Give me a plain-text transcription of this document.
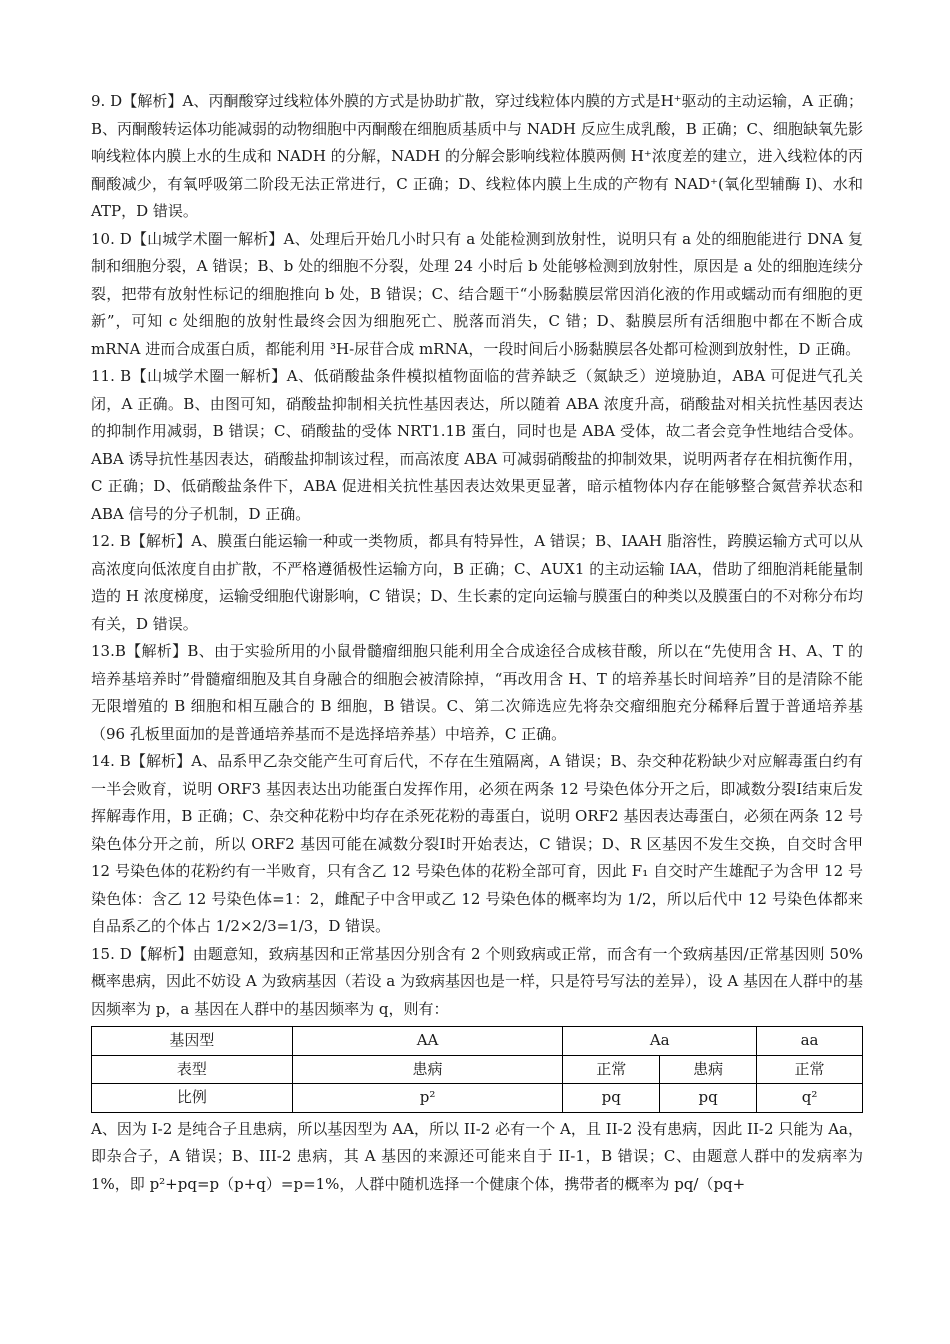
9. D【解析】A、丙酮酸穿过线粒体外膜的方式是协助扩散，穿过线粒体内膜的方式是H⁺驱动的主动运输，A 正确；B、丙酮酸转运体功能减弱的动物细胞中丙酮酸在细胞质基质中与 NADH 反应生成乳酸，B 正确；C、细胞缺氧先影响线粒体内膜上水的生成和 NADH 的分解，NADH 的分解会影响线粒体膜两侧 H⁺浓度差的建立，进入线粒体的丙酮酸减少，有氧呼吸第二阶段无法正常进行，C 正确；D、线粒体内膜上生成的产物有 NAD⁺(氧化型辅酶 I)、水和 ATP，D 错误。

10. D【山城学术圈一解析】A、处理后开始几小时只有 a 处能检测到放射性，说明只有 a 处的细胞能进行 DNA 复制和细胞分裂，A 错误；B、b 处的细胞不分裂，处理 24 小时后 b 处能够检测到放射性，原因是 a 处的细胞连续分裂，把带有放射性标记的细胞推向 b 处，B 错误；C、结合题干“小肠黏膜层常因消化液的作用或蠕动而有细胞的更新”，可知 c 处细胞的放射性最终会因为细胞死亡、脱落而消失，C 错；D、黏膜层所有活细胞中都在不断合成 mRNA 进而合成蛋白质，都能利用 ³H-尿苷合成 mRNA，一段时间后小肠黏膜层各处都可检测到放射性，D 正确。

11. B【山城学术圈一解析】A、低硝酸盐条件模拟植物面临的营养缺乏（氮缺乏）逆境胁迫，ABA 可促进气孔关闭，A 正确。B、由图可知，硝酸盐抑制相关抗性基因表达，所以随着 ABA 浓度升高，硝酸盐对相关抗性基因表达的抑制作用减弱，B 错误；C、硝酸盐的受体 NRT1.1B 蛋白，同时也是 ABA 受体，故二者会竞争性地结合受体。ABA 诱导抗性基因表达，硝酸盐抑制该过程，而高浓度 ABA 可减弱硝酸盐的抑制效果，说明两者存在相抗衡作用，C 正确；D、低硝酸盐条件下，ABA 促进相关抗性基因表达效果更显著，暗示植物体内存在能够整合氮营养状态和 ABA 信号的分子机制，D 正确。

12. B【解析】A、膜蛋白能运输一种或一类物质，都具有特异性，A 错误；B、IAAH 脂溶性，跨膜运输方式可以从高浓度向低浓度自由扩散，不严格遵循极性运输方向，B 正确；C、AUX1 的主动运输 IAA，借助了细胞消耗能量制造的 H 浓度梯度，运输受细胞代谢影响，C 错误；D、生长素的定向运输与膜蛋白的种类以及膜蛋白的不对称分布均有关，D 错误。

13.B【解析】B、由于实验所用的小鼠骨髓瘤细胞只能利用全合成途径合成核苷酸，所以在“先使用含 H、A、T 的培养基培养时”骨髓瘤细胞及其自身融合的细胞会被清除掉，“再改用含 H、T 的培养基长时间培养”目的是清除不能无限增殖的 B 细胞和相互融合的 B 细胞，B 错误。C、第二次筛选应先将杂交瘤细胞充分稀释后置于普通培养基（96 孔板里面加的是普通培养基而不是选择培养基）中培养，C 正确。

14. B【解析】A、品系甲乙杂交能产生可育后代，不存在生殖隔离，A 错误；B、杂交种花粉缺少对应解毒蛋白约有一半会败育，说明 ORF3 基因表达出功能蛋白发挥作用，必须在两条 12 号染色体分开之后，即减数分裂Ⅰ结束后发挥解毒作用，B 正确；C、杂交种花粉中均存在杀死花粉的毒蛋白，说明 ORF2 基因表达毒蛋白，必须在两条 12 号染色体分开之前，所以 ORF2 基因可能在减数分裂Ⅰ时开始表达，C 错误；D、R 区基因不发生交换，自交时含甲 12 号染色体的花粉约有一半败育，只有含乙 12 号染色体的花粉全部可育，因此 F₁ 自交时产生雄配子为含甲 12 号染色体：含乙 12 号染色体=1：2，雌配子中含甲或乙 12 号染色体的概率均为 1/2，所以后代中 12 号染色体都来自品系乙的个体占 1/2×2/3=1/3，D 错误。

15. D【解析】由题意知，致病基因和正常基因分别含有 2 个则致病或正常，而含有一个致病基因/正常基因则 50%概率患病，因此不妨设 A 为致病基因（若设 a 为致病基因也是一样，只是符号写法的差异），设 A 基因在人群中的基因频率为 p，a 基因在人群中的基因频率为 q，则有：

基因型	AA	Aa		aa
表型	患病	正常	患病	正常
比例	p²	pq	pq	q²

A、因为 I-2 是纯合子且患病，所以基因型为 AA，所以 II-2 必有一个 A，且 II-2 没有患病，因此 II-2 只能为 Aa，即杂合子，A 错误；B、III-2 患病，其 A 基因的来源还可能来自于 II-1，B 错误；C、由题意人群中的发病率为 1%，即 p²+pq=p（p+q）=p=1%，人群中随机选择一个健康个体，携带者的概率为 pq/（pq+
